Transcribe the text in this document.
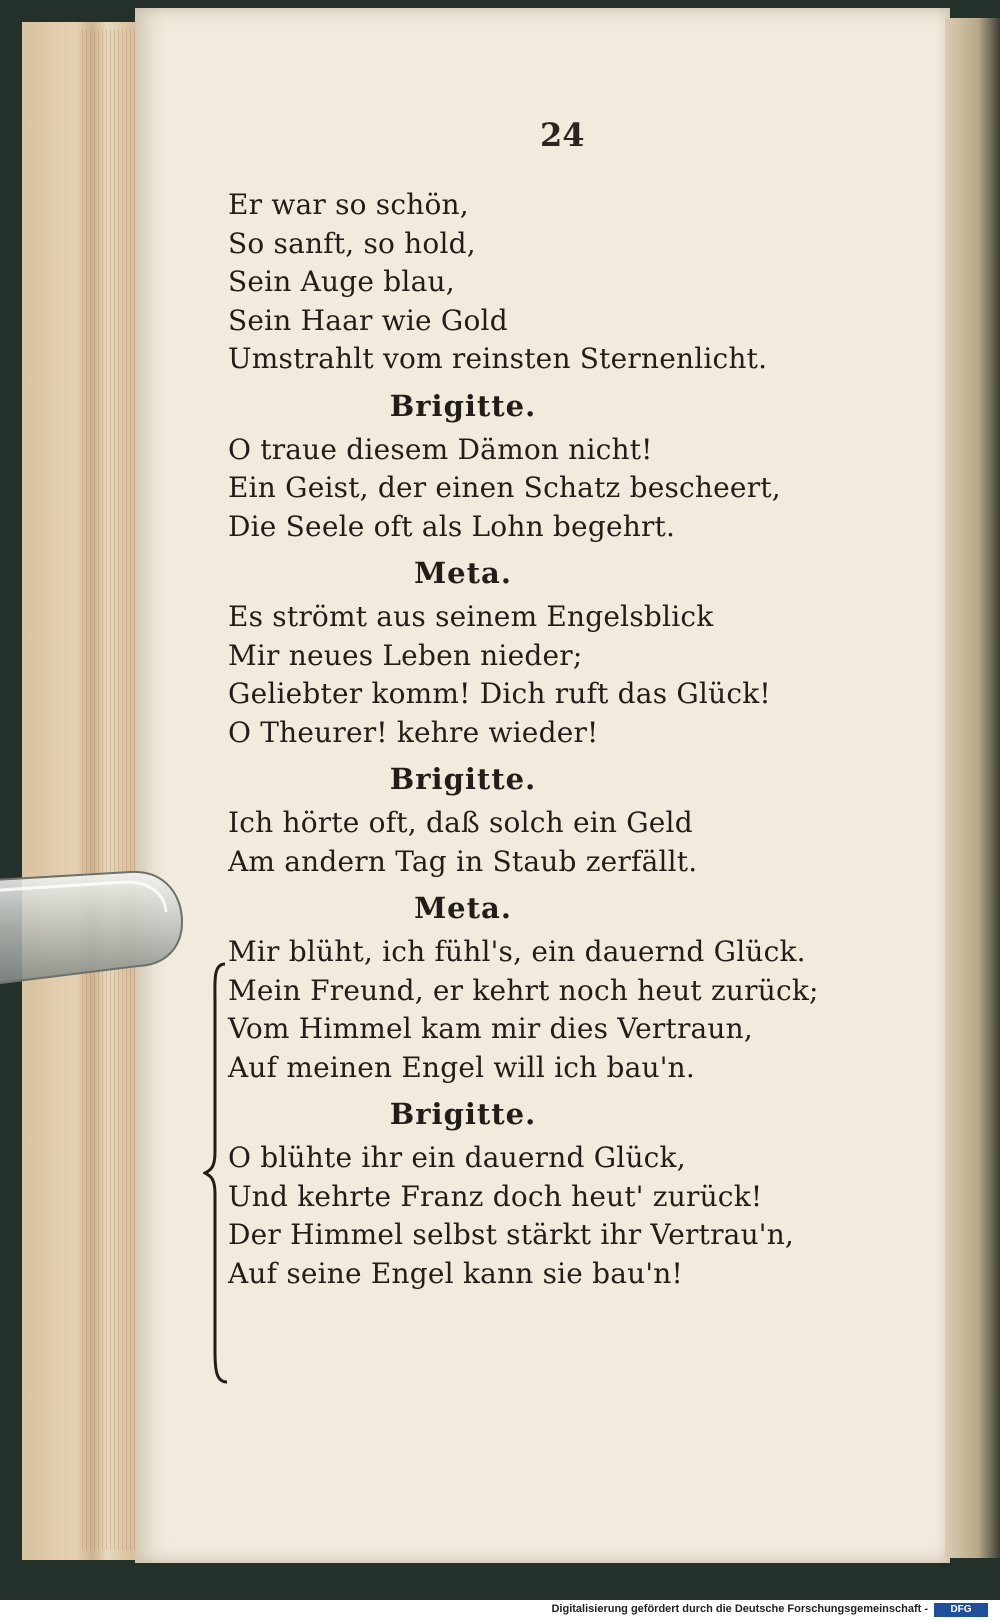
24
Er war so schön,
So sanft, so hold,
Sein Auge blau,
Sein Haar wie Gold
Umstrahlt vom reinsten Sternenlicht.
Brigitte.
O traue diesem Dämon nicht!
Ein Geist, der einen Schatz bescheert,
Die Seele oft als Lohn begehrt.
Meta.
Es strömt aus seinem Engelsblick
Mir neues Leben nieder;
Geliebter komm! Dich ruft das Glück!
O Theurer! kehre wieder!
Brigitte.
Ich hörte oft, daß solch ein Geld
Am andern Tag in Staub zerfällt.
Meta.
Mir blüht, ich fühl's, ein dauernd Glück.
Mein Freund, er kehrt noch heut zurück;
Vom Himmel kam mir dies Vertraun,
Auf meinen Engel will ich bau'n.
Brigitte.
O blühte ihr ein dauernd Glück,
Und kehrte Franz doch heut' zurück!
Der Himmel selbst stärkt ihr Vertrau'n,
Auf seine Engel kann sie bau'n!
Digitalisierung gefördert durch die Deutsche Forschungsgemeinschaft -	DFG
